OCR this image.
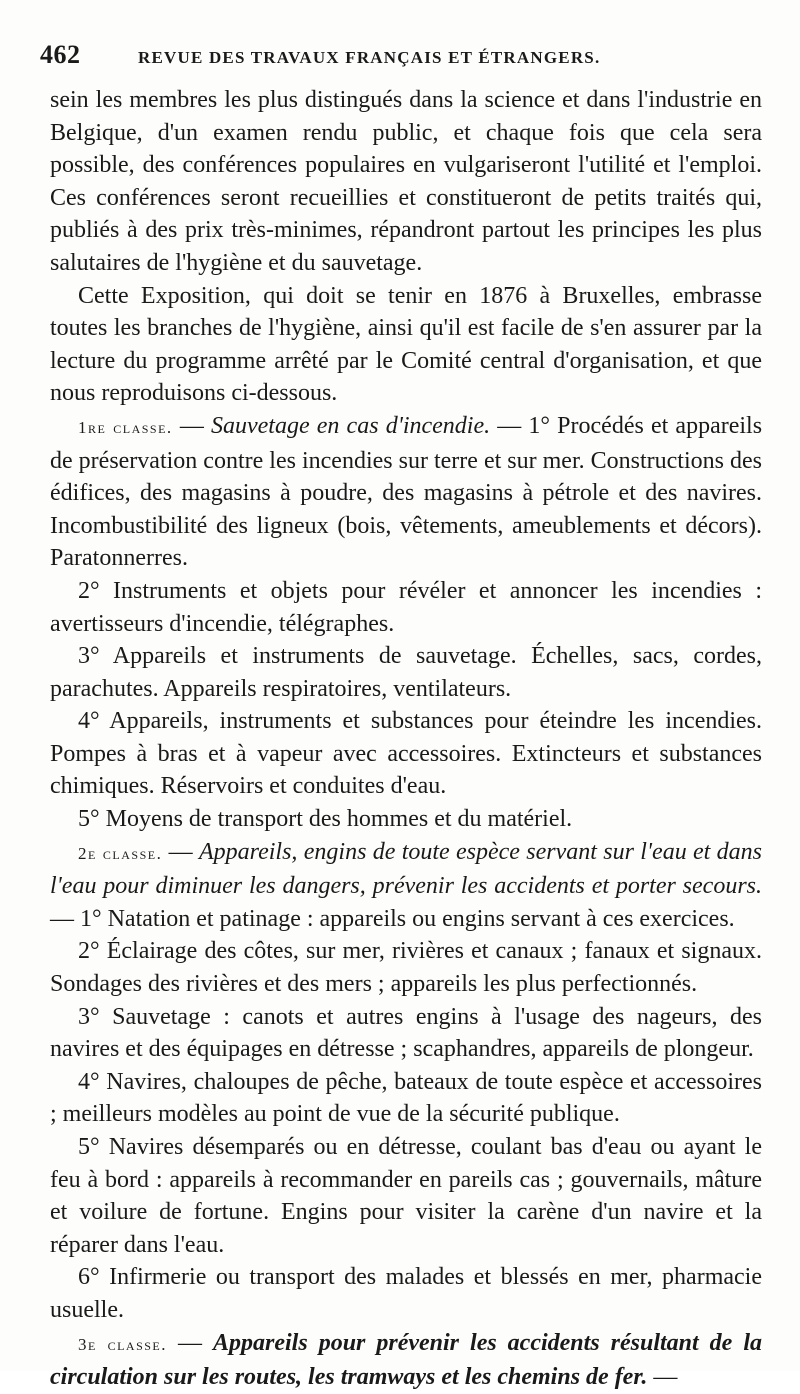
462	REVUE DES TRAVAUX FRANÇAIS ET ÉTRANGERS.

sein les membres les plus distingués dans la science et dans l'industrie en Belgique, d'un examen rendu public, et chaque fois que cela sera possible, des conférences populaires en vulgariseront l'utilité et l'emploi. Ces conférences seront recueillies et constitueront de petits traités qui, publiés à des prix très-minimes, répandront partout les principes les plus salutaires de l'hygiène et du sauvetage.

Cette Exposition, qui doit se tenir en 1876 à Bruxelles, embrasse toutes les branches de l'hygiène, ainsi qu'il est facile de s'en assurer par la lecture du programme arrêté par le Comité central d'organisation, et que nous reproduisons ci-dessous.

1re classe. — Sauvetage en cas d'incendie. — 1° Procédés et appareils de préservation contre les incendies sur terre et sur mer. Constructions des édifices, des magasins à poudre, des magasins à pétrole et des navires. Incombustibilité des ligneux (bois, vêtements, ameublements et décors). Paratonnerres.

2° Instruments et objets pour révéler et annoncer les incendies : avertisseurs d'incendie, télégraphes.

3° Appareils et instruments de sauvetage. Échelles, sacs, cordes, parachutes. Appareils respiratoires, ventilateurs.

4° Appareils, instruments et substances pour éteindre les incendies. Pompes à bras et à vapeur avec accessoires. Extincteurs et substances chimiques. Réservoirs et conduites d'eau.

5° Moyens de transport des hommes et du matériel.

2e classe. — Appareils, engins de toute espèce servant sur l'eau et dans l'eau pour diminuer les dangers, prévenir les accidents et porter secours. — 1° Natation et patinage : appareils ou engins servant à ces exercices.

2° Éclairage des côtes, sur mer, rivières et canaux ; fanaux et signaux. Sondages des rivières et des mers ; appareils les plus perfectionnés.

3° Sauvetage : canots et autres engins à l'usage des nageurs, des navires et des équipages en détresse ; scaphandres, appareils de plongeur.

4° Navires, chaloupes de pêche, bateaux de toute espèce et accessoires ; meilleurs modèles au point de vue de la sécurité publique.

5° Navires désemparés ou en détresse, coulant bas d'eau ou ayant le feu à bord : appareils à recommander en pareils cas ; gouvernails, mâture et voilure de fortune. Engins pour visiter la carène d'un navire et la réparer dans l'eau.

6° Infirmerie ou transport des malades et blessés en mer, pharmacie usuelle.

3e classe. — Appareils pour prévenir les accidents résultant de la circulation sur les routes, les tramways et les chemins de fer. —
